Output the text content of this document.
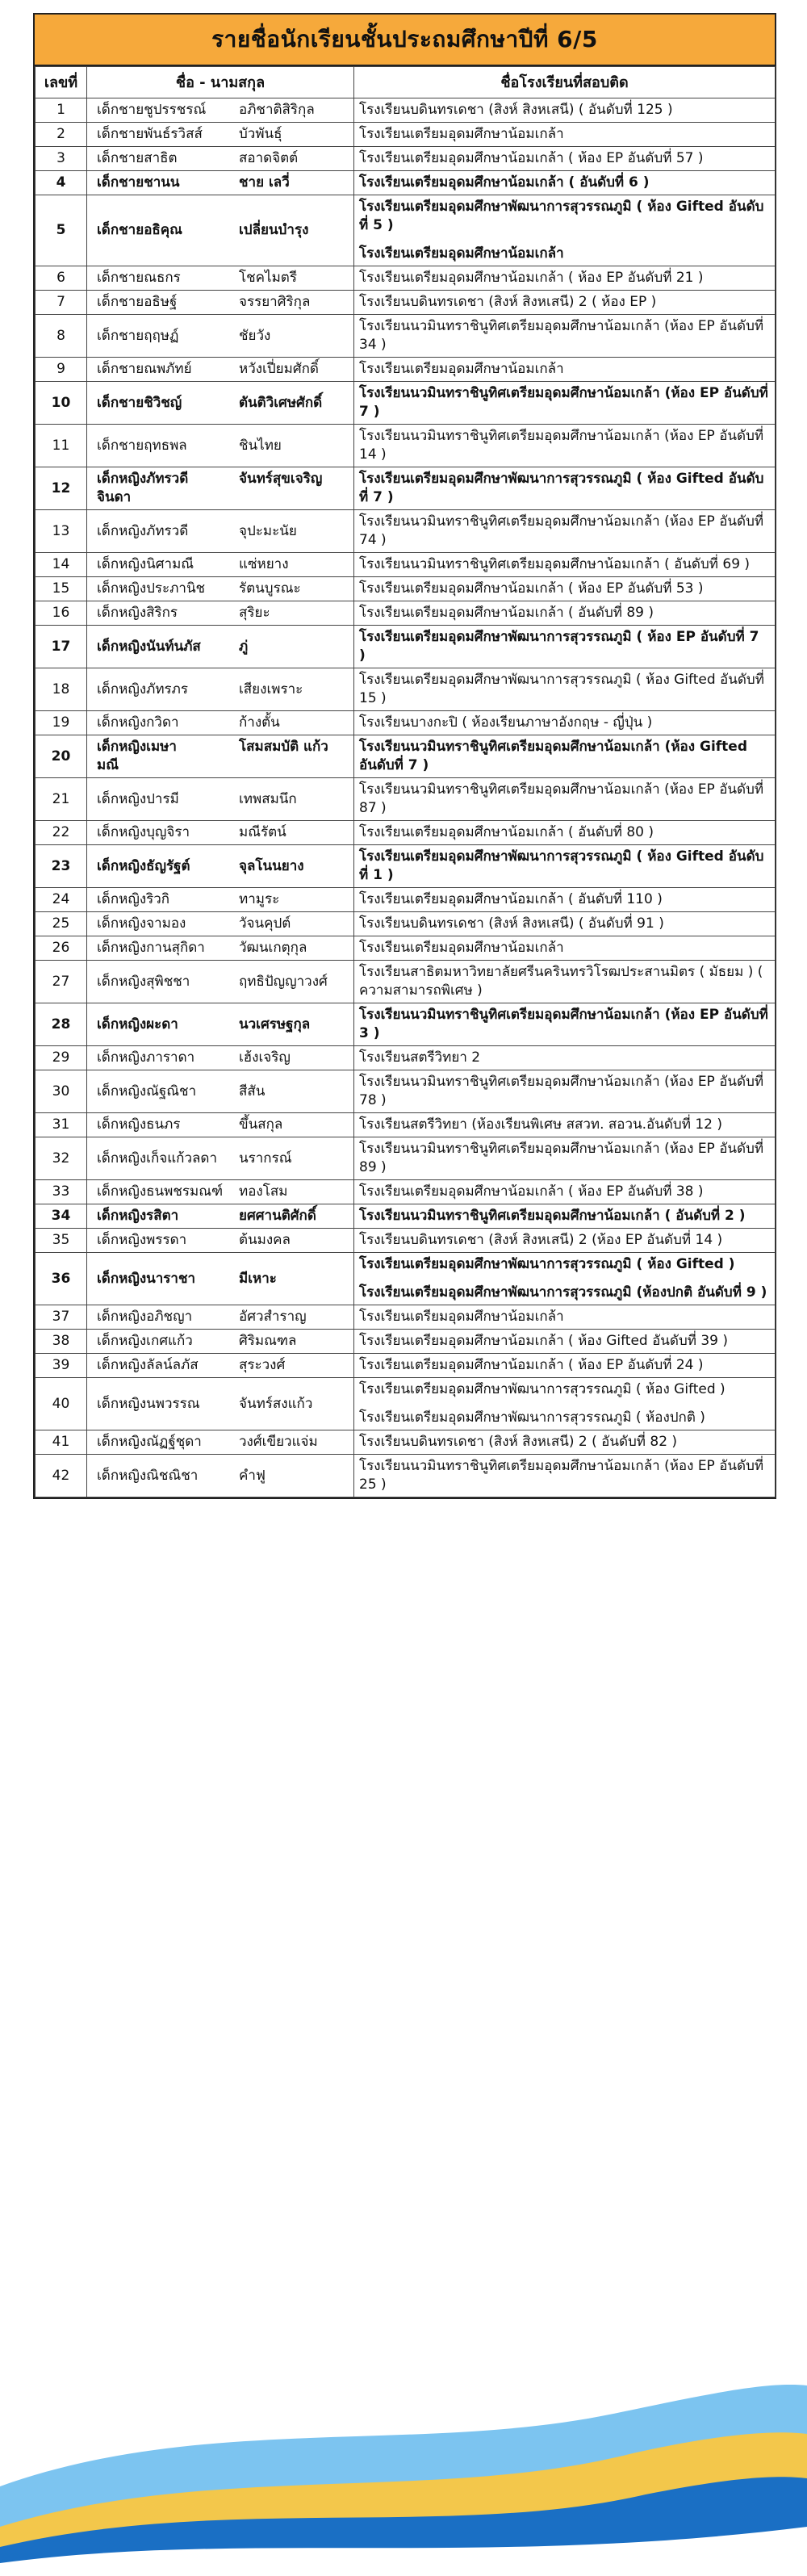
รายชื่อนักเรียนชั้นประถมศึกษาปีที่ 6/5
เลขที่	ชื่อ - นามสกุล	ชื่อโรงเรียนที่สอบติด
1	เด็กชายชูปรรชรณ์ อภิชาติสิริกุล	โรงเรียนบดินทรเดชา (สิงห์ สิงหเสนี) ( อันดับที่ 125 )

2	เด็กชายพันธ์รวิสส์ บัวพันธุ์	โรงเรียนเตรียมอุดมศึกษาน้อมเกล้า

3	เด็กชายสาธิต สอาดจิตต์	โรงเรียนเตรียมอุดมศึกษาน้อมเกล้า ( ห้อง EP อันดับที่ 57 )

4	เด็กชายชานน ชาย เลวี่	โรงเรียนเตรียมอุดมศึกษาน้อมเกล้า ( อันดับที่ 6 )

5	เด็กชายอธิคุณ เปลี่ยนบำรุง	โรงเรียนเตรียมอุดมศึกษาพัฒนาการสุวรรณภูมิ ( ห้อง Gifted อันดับที่ 5 )
โรงเรียนเตรียมอุดมศึกษาน้อมเกล้า

6	เด็กชายณธกร โชคไมตรี	โรงเรียนเตรียมอุดมศึกษาน้อมเกล้า ( ห้อง EP อันดับที่ 21 )

7	เด็กชายอธิษฐ์ จรรยาศิริกุล	โรงเรียนบดินทรเดชา (สิงห์ สิงหเสนี) 2 ( ห้อง EP )

8	เด็กชายฤฤษฏ์ ชัยวัง	โรงเรียนนวมินทราชินูทิศเตรียมอุดมศึกษาน้อมเกล้า (ห้อง EP อันดับที่ 34 )

9	เด็กชายณพภัทย์ หวังเปี่ยมศักดิ์	โรงเรียนเตรียมอุดมศึกษาน้อมเกล้า

10	เด็กชายชิวิชญ์ ตันติวิเศษศักดิ์	โรงเรียนนวมินทราชินูทิศเตรียมอุดมศึกษาน้อมเกล้า (ห้อง EP อันดับที่ 7 )

11	เด็กชายฤทธพล ชินไทย	โรงเรียนนวมินทราชินูทิศเตรียมอุดมศึกษาน้อมเกล้า (ห้อง EP อันดับที่ 14 )

12	เด็กหญิงภัทรวดี จันทร์สุขเจริญจินดา	โรงเรียนเตรียมอุดมศึกษาพัฒนาการสุวรรณภูมิ ( ห้อง Gifted อันดับที่ 7 )

13	เด็กหญิงภัทรวดี จุปะมะนัย	โรงเรียนนวมินทราชินูทิศเตรียมอุดมศึกษาน้อมเกล้า (ห้อง EP อันดับที่ 74 )

14	เด็กหญิงนิศามณี แซ่หยาง	โรงเรียนนวมินทราชินูทิศเตรียมอุดมศึกษาน้อมเกล้า ( อันดับที่ 69 )

15	เด็กหญิงประภานิช รัตนบูรณะ	โรงเรียนเตรียมอุดมศึกษาน้อมเกล้า ( ห้อง EP อันดับที่ 53 )

16	เด็กหญิงสิริกร สุริยะ	โรงเรียนเตรียมอุดมศึกษาน้อมเกล้า ( อันดับที่ 89 )

17	เด็กหญิงนันท์นภัส ภู่	โรงเรียนเตรียมอุดมศึกษาพัฒนาการสุวรรณภูมิ ( ห้อง EP อันดับที่ 7 )

18	เด็กหญิงภัทรภร เสียงเพราะ	โรงเรียนเตรียมอุดมศึกษาพัฒนาการสุวรรณภูมิ ( ห้อง Gifted อันดับที่ 15 )

19	เด็กหญิงกวิดา ก้างตั้น	โรงเรียนบางกะปิ ( ห้องเรียนภาษาอังกฤษ - ญี่ปุ่น )

20	เด็กหญิงเมษา โสมสมบัติ แก้วมณี	โรงเรียนนวมินทราชินูทิศเตรียมอุดมศึกษาน้อมเกล้า (ห้อง Gifted อันดับที่ 7 )

21	เด็กหญิงปารมี เทพสมนึก	โรงเรียนนวมินทราชินูทิศเตรียมอุดมศึกษาน้อมเกล้า (ห้อง EP อันดับที่ 87 )

22	เด็กหญิงบุญจิรา มณีรัตน์	โรงเรียนเตรียมอุดมศึกษาน้อมเกล้า ( อันดับที่ 80 )

23	เด็กหญิงธัญรัฐต์ จุลโนนยาง	โรงเรียนเตรียมอุดมศึกษาพัฒนาการสุวรรณภูมิ ( ห้อง Gifted อันดับที่ 1 )

24	เด็กหญิงริวกิ ทามูระ	โรงเรียนเตรียมอุดมศึกษาน้อมเกล้า ( อันดับที่ 110 )

25	เด็กหญิงจามอง วัจนคุปต์	โรงเรียนบดินทรเดชา (สิงห์ สิงหเสนี) ( อันดับที่ 91 )

26	เด็กหญิงกานสุกิดา วัฒนเกตุกุล	โรงเรียนเตรียมอุดมศึกษาน้อมเกล้า

27	เด็กหญิงสุพิชชา ฤทธิปัญญาวงศ์	โรงเรียนสาธิตมหาวิทยาลัยศรีนครินทรวิโรฒประสานมิตร ( มัธยม ) ( ความสามารถพิเศษ )

28	เด็กหญิงผะดา นวเศรษฐกุล	โรงเรียนนวมินทราชินูทิศเตรียมอุดมศึกษาน้อมเกล้า (ห้อง EP อันดับที่ 3 )

29	เด็กหญิงภาราดา เฮ้งเจริญ	โรงเรียนสตรีวิทยา 2

30	เด็กหญิงณัฐณิชา สีสัน	โรงเรียนนวมินทราชินูทิศเตรียมอุดมศึกษาน้อมเกล้า (ห้อง EP อันดับที่ 78 )

31	เด็กหญิงธนภร ขึ้นสกุล	โรงเรียนสตรีวิทยา (ห้องเรียนพิเศษ สสวท. สอวน.อันดับที่ 12 )

32	เด็กหญิงเก็จแก้วลดา นรากรณ์	โรงเรียนนวมินทราชินูทิศเตรียมอุดมศึกษาน้อมเกล้า (ห้อง EP อันดับที่ 89 )

33	เด็กหญิงธนพชรมณฑ์ ทองโสม	โรงเรียนเตรียมอุดมศึกษาน้อมเกล้า ( ห้อง EP อันดับที่ 38 )

34	เด็กหญิงรสิตา ยศศานติศักดิ์	โรงเรียนนวมินทราชินูทิศเตรียมอุดมศึกษาน้อมเกล้า ( อันดับที่ 2 )

35	เด็กหญิงพรรดา ต้นมงคล	โรงเรียนบดินทรเดชา (สิงห์ สิงหเสนี) 2 (ห้อง EP อันดับที่ 14 )

36	เด็กหญิงนาราชา มีเหาะ	โรงเรียนเตรียมอุดมศึกษาพัฒนาการสุวรรณภูมิ ( ห้อง Gifted )
โรงเรียนเตรียมอุดมศึกษาพัฒนาการสุวรรณภูมิ (ห้องปกติ อันดับที่ 9 )

37	เด็กหญิงอภิชญา อัศวสำราญ	โรงเรียนเตรียมอุดมศึกษาน้อมเกล้า

38	เด็กหญิงเกศแก้ว ศิริมณฑล	โรงเรียนเตรียมอุดมศึกษาน้อมเกล้า ( ห้อง Gifted อันดับที่ 39 )

39	เด็กหญิงลัลน์ลภัส สุระวงศ์	โรงเรียนเตรียมอุดมศึกษาน้อมเกล้า ( ห้อง EP อันดับที่ 24 )

40	เด็กหญิงนพวรรณ จันทร์สงแก้ว	โรงเรียนเตรียมอุดมศึกษาพัฒนาการสุวรรณภูมิ ( ห้อง Gifted )
โรงเรียนเตรียมอุดมศึกษาพัฒนาการสุวรรณภูมิ ( ห้องปกติ )

41	เด็กหญิงณัฏฐ์ชุดา วงศ์เขียวแจ่ม	โรงเรียนบดินทรเดชา (สิงห์ สิงหเสนี) 2 ( อันดับที่ 82 )

42	เด็กหญิงณิชณิชา คำฟู	โรงเรียนนวมินทราชินูทิศเตรียมอุดมศึกษาน้อมเกล้า (ห้อง EP อันดับที่ 25 )
